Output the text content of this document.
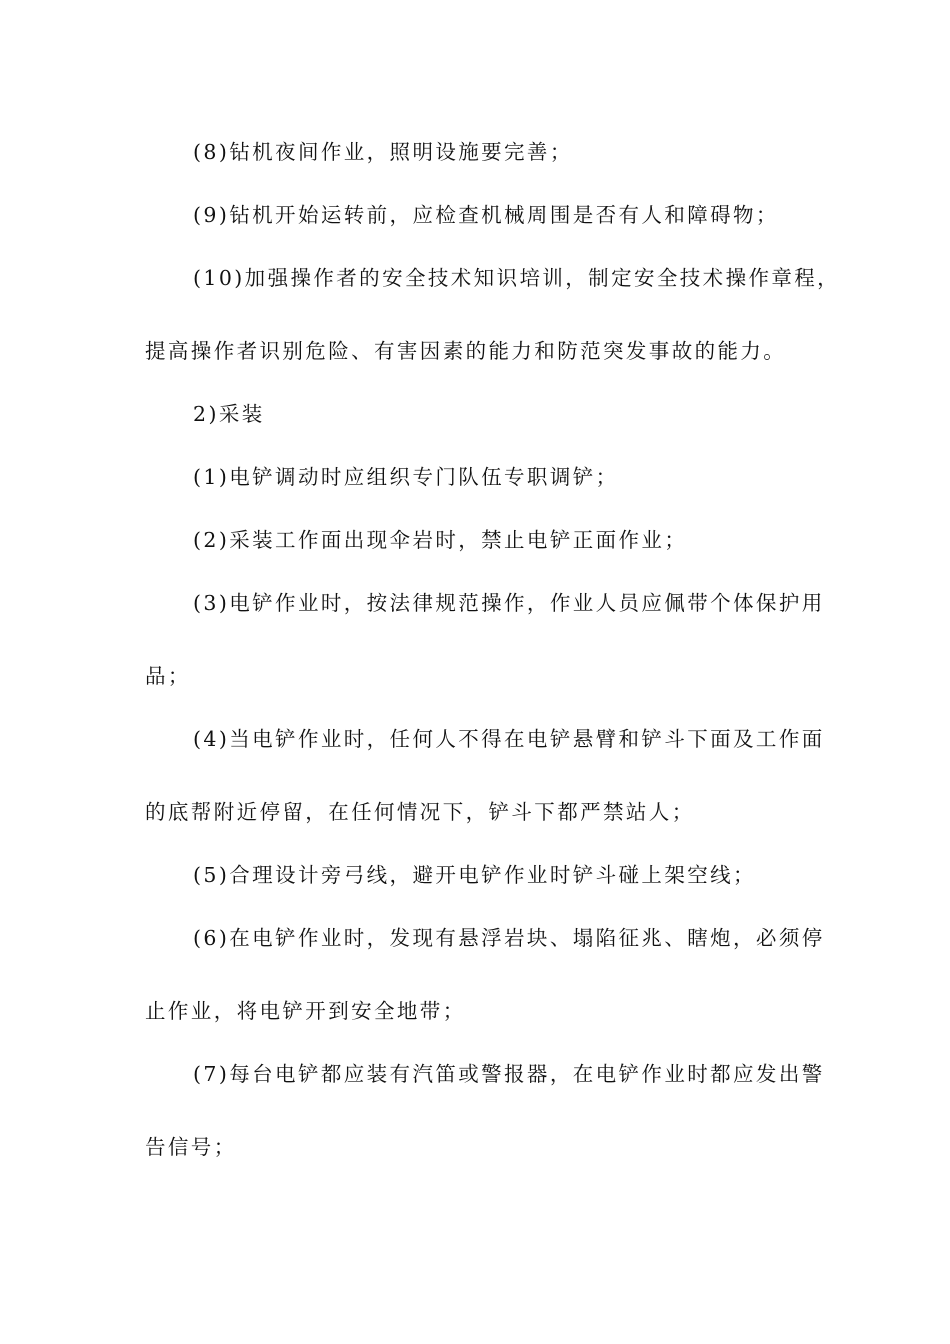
(8)钻机夜间作业，照明设施要完善；
(9)钻机开始运转前，应检查机械周围是否有人和障碍物；
(10)加强操作者的安全技术知识培训，制定安全技术操作章程，
提高操作者识别危险、有害因素的能力和防范突发事故的能力。
2)采装
(1)电铲调动时应组织专门队伍专职调铲；
(2)采装工作面出现伞岩时，禁止电铲正面作业；
(3)电铲作业时，按法律规范操作，作业人员应佩带个体保护用
品；
(4)当电铲作业时，任何人不得在电铲悬臂和铲斗下面及工作面
的底帮附近停留，在任何情况下，铲斗下都严禁站人；
(5)合理设计旁弓线，避开电铲作业时铲斗碰上架空线；
(6)在电铲作业时，发现有悬浮岩块、塌陷征兆、瞎炮，必须停
止作业，将电铲开到安全地带；
(7)每台电铲都应装有汽笛或警报器，在电铲作业时都应发出警
告信号；
